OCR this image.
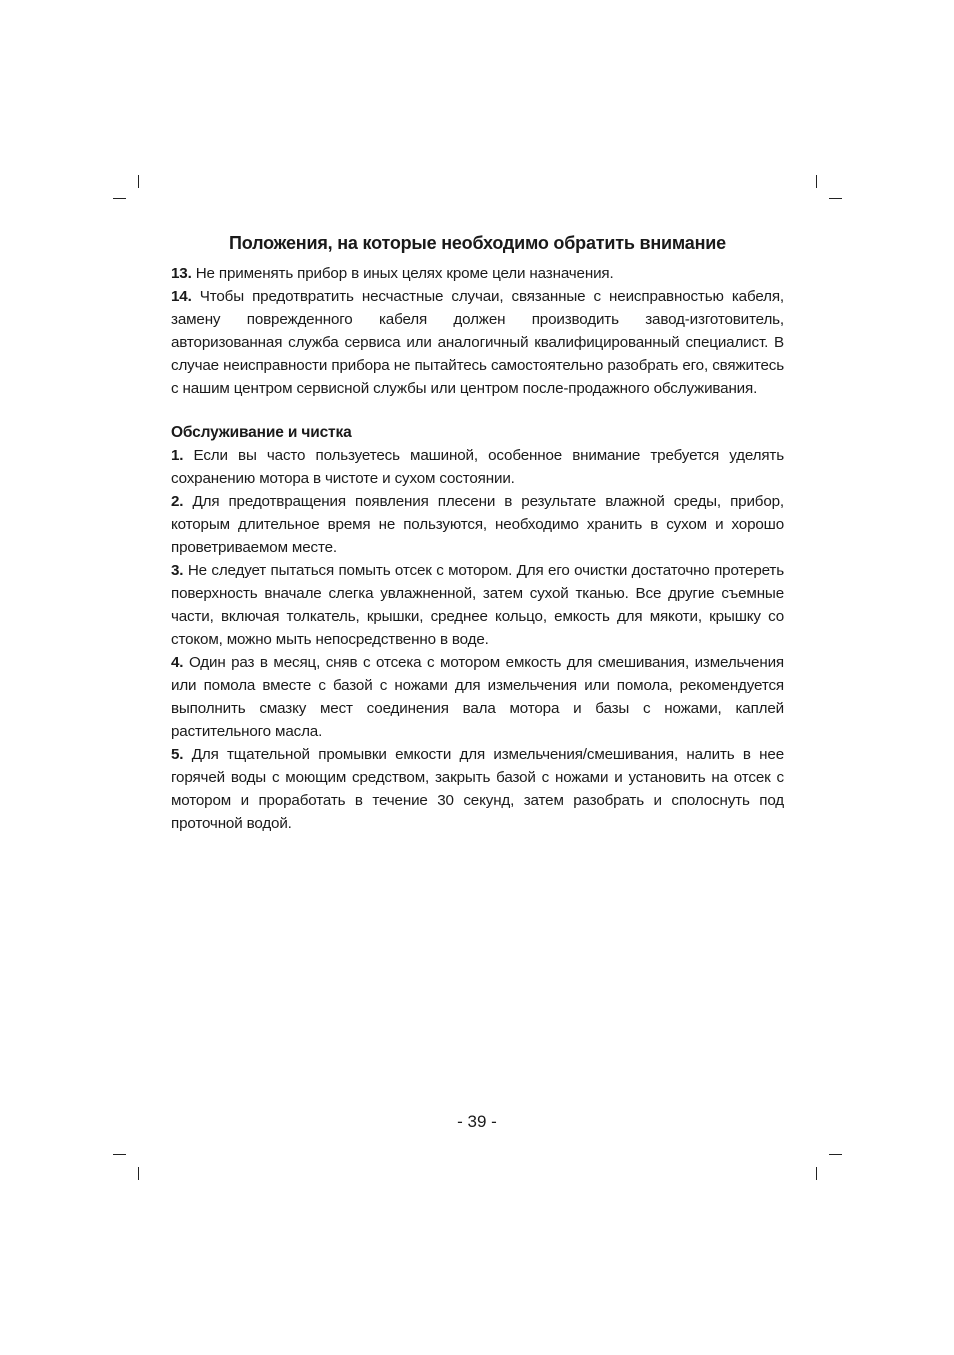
Положения, на которые необходимо обратить внимание

13. Не применять прибор в иных целях кроме цели назначения.

14. Чтобы предотвратить несчастные случаи, связанные с неисправностью кабеля, замену поврежденного кабеля должен производить завод-изготовитель, авторизованная служба сервиса или аналогичный квалифицированный специалист. В случае неисправности прибора не пытайтесь самостоятельно разобрать его, свяжитесь с нашим центром сервисной службы или центром после-продажного обслуживания.

Обслуживание и чистка

1. Если вы часто пользуетесь машиной, особенное внимание требуется уделять сохранению мотора в чистоте и сухом состоянии.

2. Для предотвращения появления плесени в результате влажной среды, прибор, которым длительное время не пользуются, необходимо хранить в сухом и хорошо проветриваемом месте.

3. Не следует пытаться помыть отсек с мотором. Для его очистки достаточно протереть поверхность вначале слегка увлажненной, затем сухой тканью. Все другие съемные части, включая толкатель, крышки, среднее кольцо, емкость для мякоти, крышку со стоком, можно мыть непосредственно в воде.

4. Один раз в месяц, сняв с отсека с мотором емкость для смешивания, измельчения или помола вместе с базой с ножами для измельчения или помола, рекомендуется выполнить смазку мест соединения вала мотора и базы с ножами, каплей растительного масла.

5. Для тщательной промывки емкости для измельчения/смешивания, налить в нее горячей воды с моющим средством, закрыть базой с ножами и установить на отсек с мотором и проработать в течение 30 секунд, затем разобрать и сполоснуть под проточной водой.

- 39 -
